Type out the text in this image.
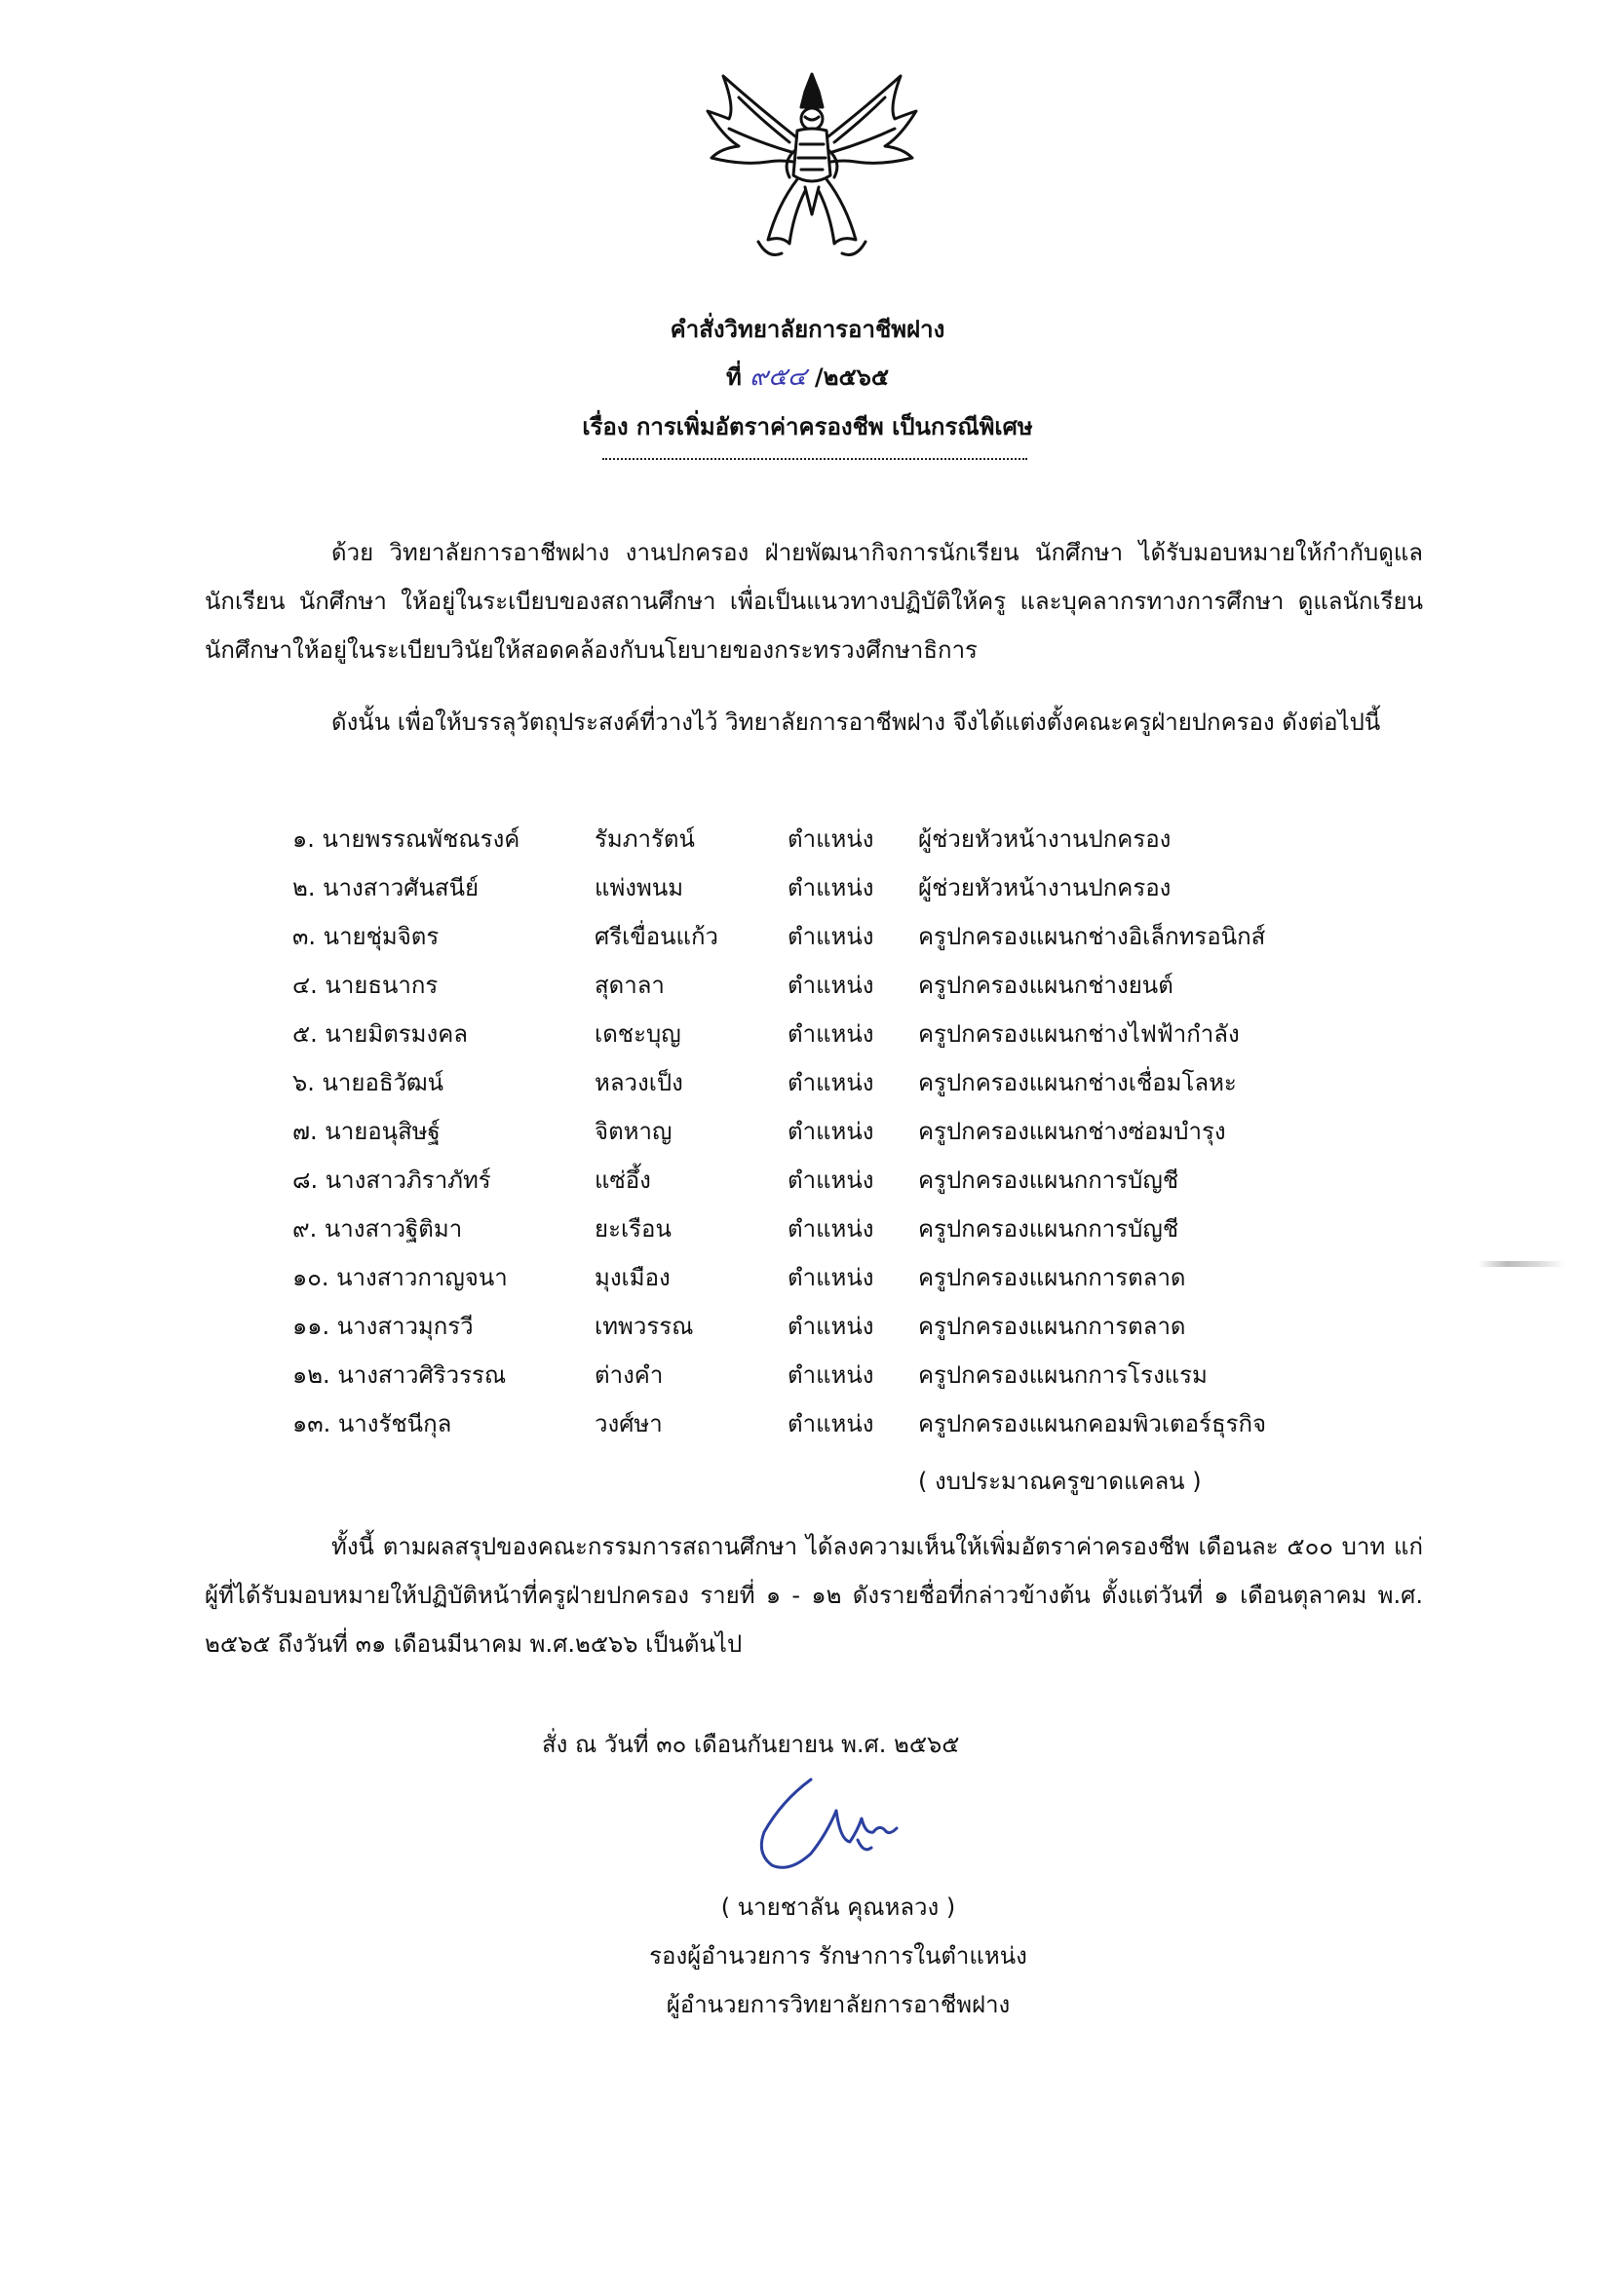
คำสั่งวิทยาลัยการอาชีพฝาง
ที่ ๙๕๔ /๒๕๖๕
เรื่อง การเพิ่มอัตราค่าครองชีพ เป็นกรณีพิเศษ

ด้วย วิทยาลัยการอาชีพฝาง งานปกครอง ฝ่ายพัฒนากิจการนักเรียน นักศึกษา ได้รับมอบหมายให้กำกับดูแลนักเรียน นักศึกษา ให้อยู่ในระเบียบของสถานศึกษา เพื่อเป็นแนวทางปฏิบัติให้ครู และบุคลากรทางการศึกษา ดูแลนักเรียน นักศึกษาให้อยู่ในระเบียบวินัยให้สอดคล้องกับนโยบายของกระทรวงศึกษาธิการ

ดังนั้น เพื่อให้บรรลุวัตถุประสงค์ที่วางไว้ วิทยาลัยการอาชีพฝาง จึงได้แต่งตั้งคณะครูฝ่ายปกครอง ดังต่อไปนี้

๑. นายพรรณพัชณรงค์	รัมภารัตน์	ตำแหน่ง ผู้ช่วยหัวหน้างานปกครอง
๒. นางสาวศันสนีย์	แพ่งพนม	ตำแหน่ง ผู้ช่วยหัวหน้างานปกครอง
๓. นายชุ่มจิตร	ศรีเขื่อนแก้ว	ตำแหน่ง ครูปกครองแผนกช่างอิเล็กทรอนิกส์
๔. นายธนากร	สุดาลา	ตำแหน่ง ครูปกครองแผนกช่างยนต์
๕. นายมิตรมงคล	เดชะบุญ	ตำแหน่ง ครูปกครองแผนกช่างไฟฟ้ากำลัง
๖. นายอธิวัฒน์	หลวงเป็ง	ตำแหน่ง ครูปกครองแผนกช่างเชื่อมโลหะ
๗. นายอนุสิษฐ์	จิตหาญ	ตำแหน่ง ครูปกครองแผนกช่างซ่อมบำรุง
๘. นางสาวภิราภัทร์	แซ่อึ้ง	ตำแหน่ง ครูปกครองแผนกการบัญชี
๙. นางสาวฐิติมา	ยะเรือน	ตำแหน่ง ครูปกครองแผนกการบัญชี
๑๐. นางสาวกาญจนา	มุงเมือง	ตำแหน่ง ครูปกครองแผนกการตลาด
๑๑. นางสาวมุกรวี	เทพวรรณ	ตำแหน่ง ครูปกครองแผนกการตลาด
๑๒. นางสาวศิริวรรณ	ต่างคำ	ตำแหน่ง ครูปกครองแผนกการโรงแรม
๑๓. นางรัชนีกุล	วงศ์ษา	ตำแหน่ง ครูปกครองแผนกคอมพิวเตอร์ธุรกิจ
( งบประมาณครูขาดแคลน )

ทั้งนี้ ตามผลสรุปของคณะกรรมการสถานศึกษา ได้ลงความเห็นให้เพิ่มอัตราค่าครองชีพ เดือนละ ๕๐๐ บาท แก่ผู้ที่ได้รับมอบหมายให้ปฏิบัติหน้าที่ครูฝ่ายปกครอง รายที่ ๑ - ๑๒ ดังรายชื่อที่กล่าวข้างต้น ตั้งแต่วันที่ ๑ เดือนตุลาคม พ.ศ. ๒๕๖๕ ถึงวันที่ ๓๑ เดือนมีนาคม พ.ศ.๒๕๖๖ เป็นต้นไป

สั่ง ณ วันที่ ๓๐ เดือนกันยายน พ.ศ. ๒๕๖๕
( นายชาลัน คุณหลวง )
รองผู้อำนวยการ รักษาการในตำแหน่ง
ผู้อำนวยการวิทยาลัยการอาชีพฝาง
